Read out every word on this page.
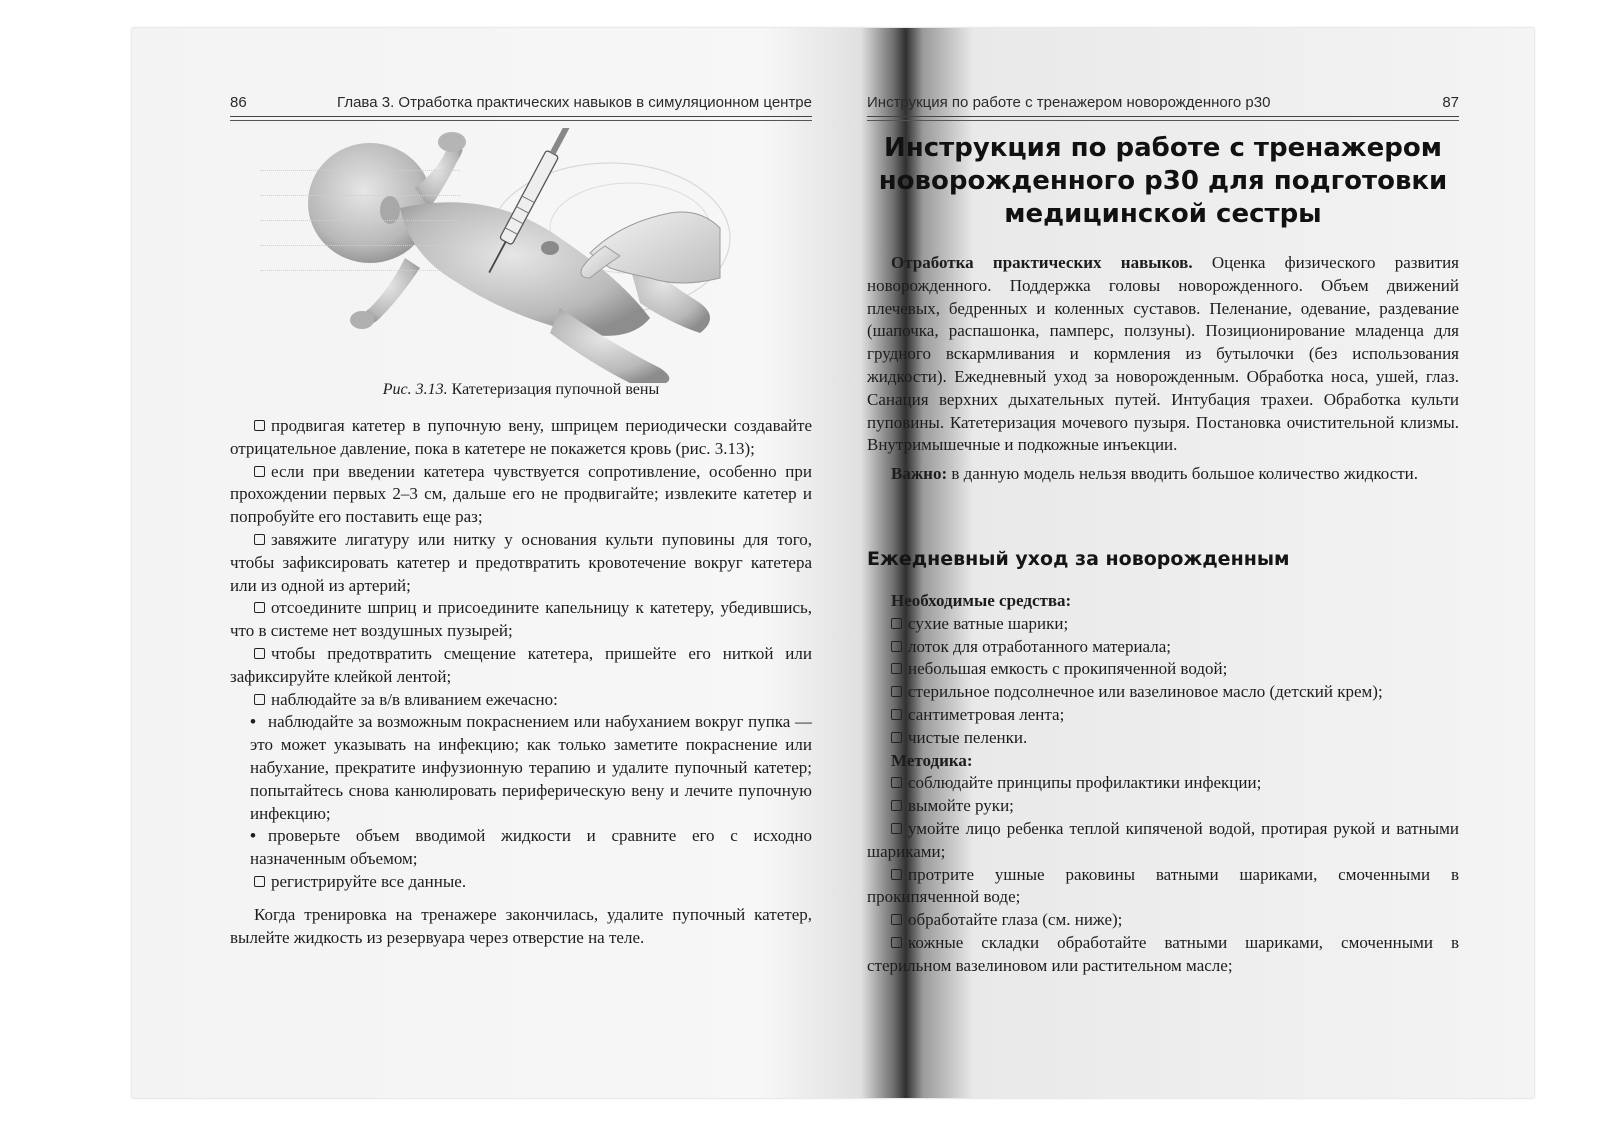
86	Глава 3. Отработка практических навыков в симуляционном центре

Рис. 3.13. Катетеризация пупочной вены

продвигая катетер в пупочную вену, шприцем периодически создавайте отрицательное давление, пока в катетере не покажется кровь (рис. 3.13);

если при введении катетера чувствуется сопротивление, особенно при прохождении первых 2–3 см, дальше его не продвигайте; извлеките катетер и попробуйте его поставить еще раз;

завяжите лигатуру или нитку у основания культи пуповины для того, чтобы зафиксировать катетер и предотвратить кровотечение вокруг катетера или из одной из артерий;

отсоедините шприц и присоедините капельницу к катетеру, убедившись, что в системе нет воздушных пузырей;

чтобы предотвратить смещение катетера, пришейте его ниткой или зафиксируйте клейкой лентой;

наблюдайте за в/в вливанием ежечасно:

• наблюдайте за возможным покраснением или набуханием вокруг пупка — это может указывать на инфекцию; как только заметите покраснение или набухание, прекратите инфузионную терапию и удалите пупочный катетер; попытайтесь снова канюлировать периферическую вену и лечите пупочную инфекцию;

• проверьте объем вводимой жидкости и сравните его с исходно назначенным объемом;

регистрируйте все данные.

Когда тренировка на тренажере закончилась, удалите пупочный катетер, вылейте жидкость из резервуара через отверстие на теле.

Инструкция по работе с тренажером новорожденного р30	87
Инструкция по работе с тренажером
новорожденного р30 для подготовки
медицинской сестры

Отработка практических навыков. Оценка физического развития новорожденного. Поддержка головы новорожденного. Объем движений плечевых, бедренных и коленных суставов. Пеленание, одевание, раздевание (шапочка, распашонка, памперс, ползуны). Позиционирование младенца для грудного вскармливания и кормления из бутылочки (без использования жидкости). Ежедневный уход за новорожденным. Обработка носа, ушей, глаз. Санация верхних дыхательных путей. Интубация трахеи. Обработка культи пуповины. Катетеризация мочевого пузыря. Постановка очистительной клизмы. Внутримышечные и подкожные инъекции.

Важно: в данную модель нельзя вводить большое количество жидкости.

Ежедневный уход за новорожденным

Необходимые средства:

сухие ватные шарики;

лоток для отработанного материала;

небольшая емкость с прокипяченной водой;

стерильное подсолнечное или вазелиновое масло (детский крем);

сантиметровая лента;

чистые пеленки.

Методика:

соблюдайте принципы профилактики инфекции;

вымойте руки;

умойте лицо ребенка теплой кипяченой водой, протирая рукой и ватными шариками;

протрите ушные раковины ватными шариками, смоченными в прокипяченной воде;

обработайте глаза (см. ниже);

кожные складки обработайте ватными шариками, смоченными в стерильном вазелиновом или растительном масле;
